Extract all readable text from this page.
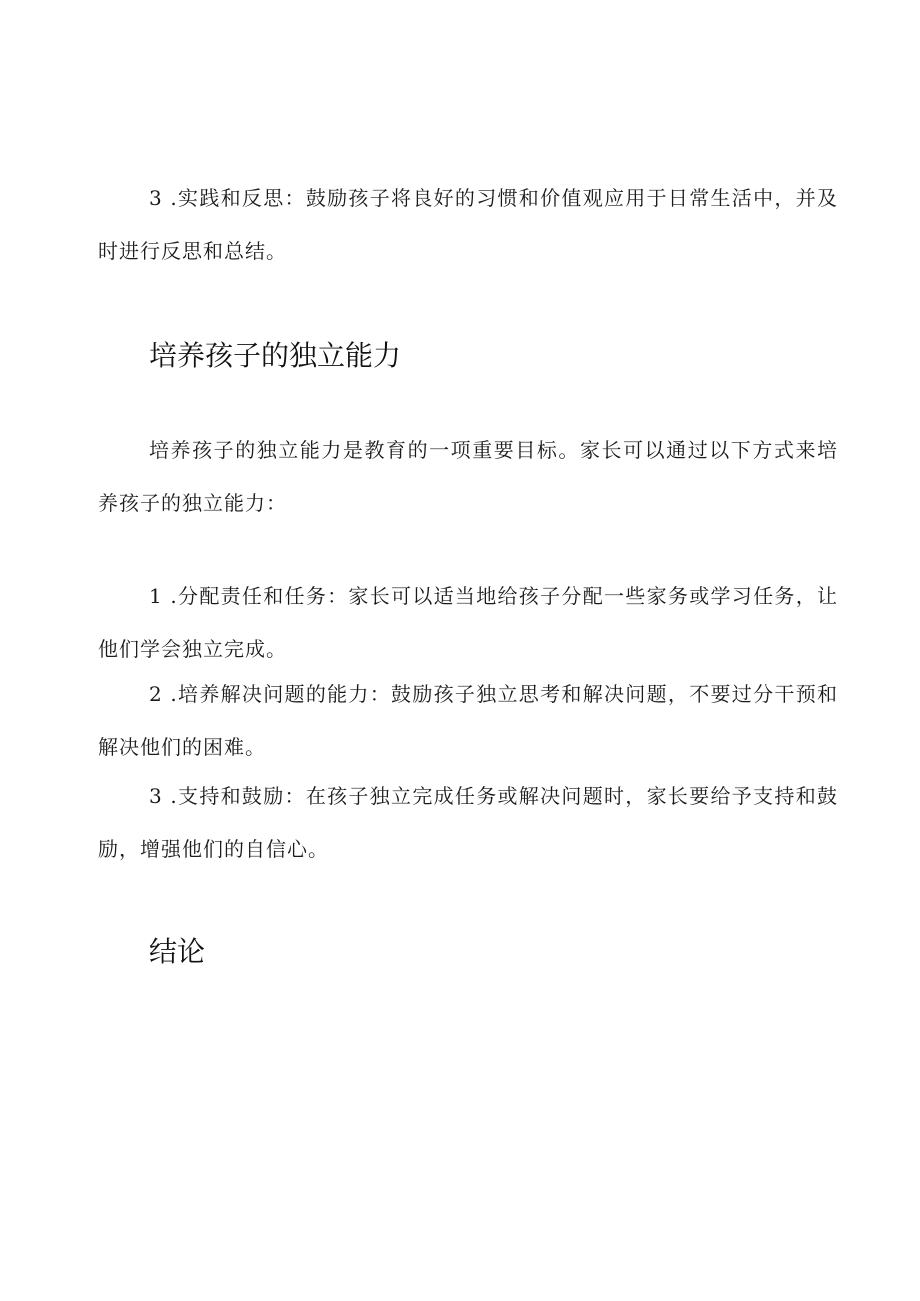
3 .实践和反思：鼓励孩子将良好的习惯和价值观应用于日常生活中，并及时进行反思和总结。

培养孩子的独立能力

培养孩子的独立能力是教育的一项重要目标。家长可以通过以下方式来培养孩子的独立能力：

1 .分配责任和任务：家长可以适当地给孩子分配一些家务或学习任务，让他们学会独立完成。

2 .培养解决问题的能力：鼓励孩子独立思考和解决问题，不要过分干预和解决他们的困难。

3 .支持和鼓励：在孩子独立完成任务或解决问题时，家长要给予支持和鼓励，增强他们的自信心。

结论
